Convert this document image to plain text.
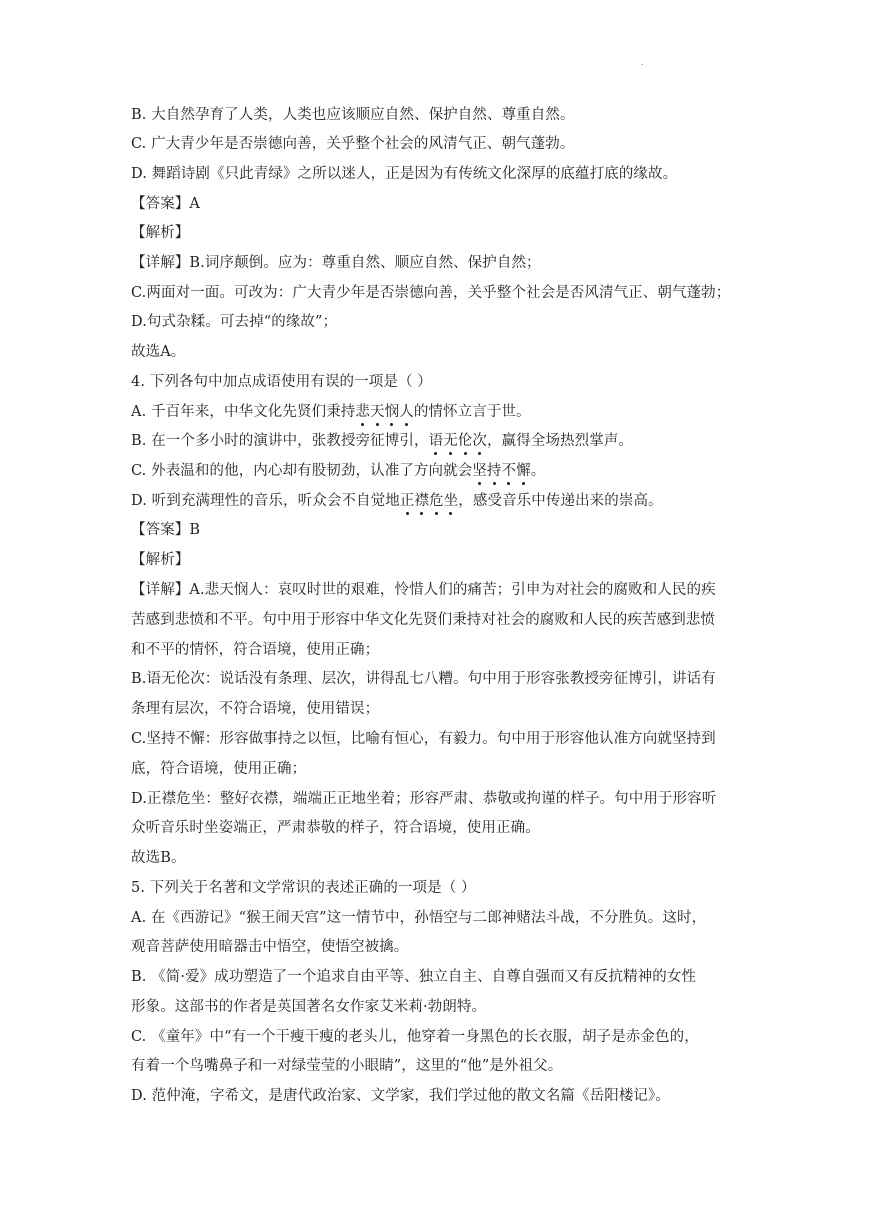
.
B. 大自然孕育了人类，人类也应该顺应自然、保护自然、尊重自然。
C. 广大青少年是否崇德向善，关乎整个社会的风清气正、朝气蓬勃。
D. 舞蹈诗剧《只此青绿》之所以迷人，正是因为有传统文化深厚的底蕴打底的缘故。
【答案】A
【解析】
【详解】B.词序颠倒。应为：尊重自然、顺应自然、保护自然；
C.两面对一面。可改为：广大青少年是否崇德向善，关乎整个社会是否风清气正、朝气蓬勃；
D.句式杂糅。可去掉“的缘故”；
故选A。
4. 下列各句中加点成语使用有误的一项是（ ）
A. 千百年来，中华文化先贤们秉持悲天悯人的情怀立言于世。
B. 在一个多小时的演讲中，张教授旁征博引，语无伦次，赢得全场热烈掌声。
C. 外表温和的他，内心却有股韧劲，认准了方向就会坚持不懈。
D. 听到充满理性的音乐，听众会不自觉地正襟危坐，感受音乐中传递出来的崇高。
【答案】B
【解析】
【详解】A.悲天悯人：哀叹时世的艰难，怜惜人们的痛苦；引申为对社会的腐败和人民的疾
苦感到悲愤和不平。句中用于形容中华文化先贤们秉持对社会的腐败和人民的疾苦感到悲愤
和不平的情怀，符合语境，使用正确；
B.语无伦次：说话没有条理、层次，讲得乱七八糟。句中用于形容张教授旁征博引，讲话有
条理有层次，不符合语境，使用错误；
C.坚持不懈：形容做事持之以恒，比喻有恒心，有毅力。句中用于形容他认准方向就坚持到
底，符合语境，使用正确；
D.正襟危坐：整好衣襟，端端正正地坐着；形容严肃、恭敬或拘谨的样子。句中用于形容听
众听音乐时坐姿端正，严肃恭敬的样子，符合语境，使用正确。
故选B。
5. 下列关于名著和文学常识的表述正确的一项是（ ）
A. 在《西游记》“猴王闹天宫”这一情节中，孙悟空与二郎神赌法斗战，不分胜负。这时，
观音菩萨使用暗器击中悟空，使悟空被擒。
B. 《简·爱》成功塑造了一个追求自由平等、独立自主、自尊自强而又有反抗精神的女性
形象。这部书的作者是英国著名女作家艾米莉·勃朗特。
C. 《童年》中“有一个干瘦干瘦的老头儿，他穿着一身黑色的长衣服，胡子是赤金色的，
有着一个鸟嘴鼻子和一对绿莹莹的小眼睛”，这里的“他”是外祖父。
D. 范仲淹，字希文，是唐代政治家、文学家，我们学过他的散文名篇《岳阳楼记》。
